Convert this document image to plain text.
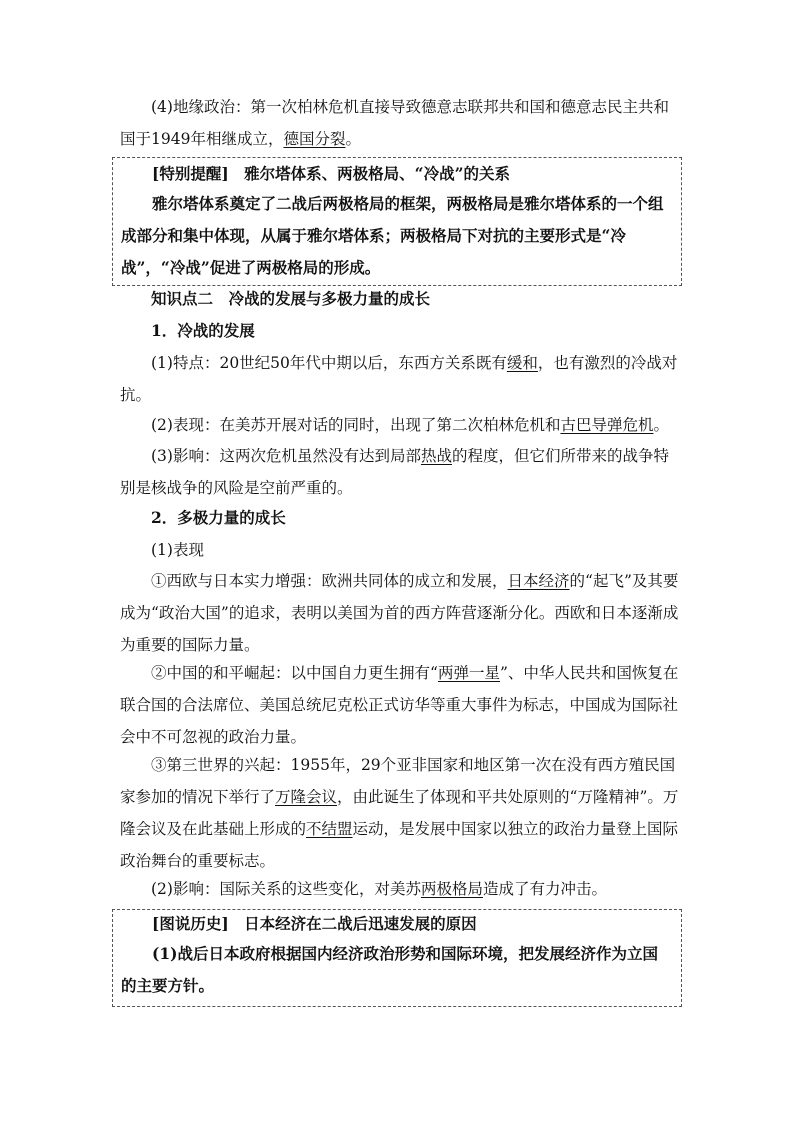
(4)地缘政治：第一次柏林危机直接导致德意志联邦共和国和德意志民主共和国于1949年相继成立，德国分裂。

[特别提醒]　雅尔塔体系、两极格局、“冷战”的关系

雅尔塔体系奠定了二战后两极格局的框架，两极格局是雅尔塔体系的一个组成部分和集中体现，从属于雅尔塔体系；两极格局下对抗的主要形式是“冷战”，“冷战”促进了两极格局的形成。

知识点二　冷战的发展与多极力量的成长

1．冷战的发展

(1)特点：20世纪50年代中期以后，东西方关系既有缓和，也有激烈的冷战对抗。

(2)表现：在美苏开展对话的同时，出现了第二次柏林危机和古巴导弹危机。

(3)影响：这两次危机虽然没有达到局部热战的程度，但它们所带来的战争特别是核战争的风险是空前严重的。

2．多极力量的成长

(1)表现

①西欧与日本实力增强：欧洲共同体的成立和发展，日本经济的“起飞”及其要成为“政治大国”的追求，表明以美国为首的西方阵营逐渐分化。西欧和日本逐渐成为重要的国际力量。

②中国的和平崛起：以中国自力更生拥有“两弹一星”、中华人民共和国恢复在联合国的合法席位、美国总统尼克松正式访华等重大事件为标志，中国成为国际社会中不可忽视的政治力量。

③第三世界的兴起：1955年，29个亚非国家和地区第一次在没有西方殖民国家参加的情况下举行了万隆会议，由此诞生了体现和平共处原则的“万隆精神”。万隆会议及在此基础上形成的不结盟运动，是发展中国家以独立的政治力量登上国际政治舞台的重要标志。

(2)影响：国际关系的这些变化，对美苏两极格局造成了有力冲击。

[图说历史]　日本经济在二战后迅速发展的原因

(1)战后日本政府根据国内经济政治形势和国际环境，把发展经济作为立国的主要方针。
